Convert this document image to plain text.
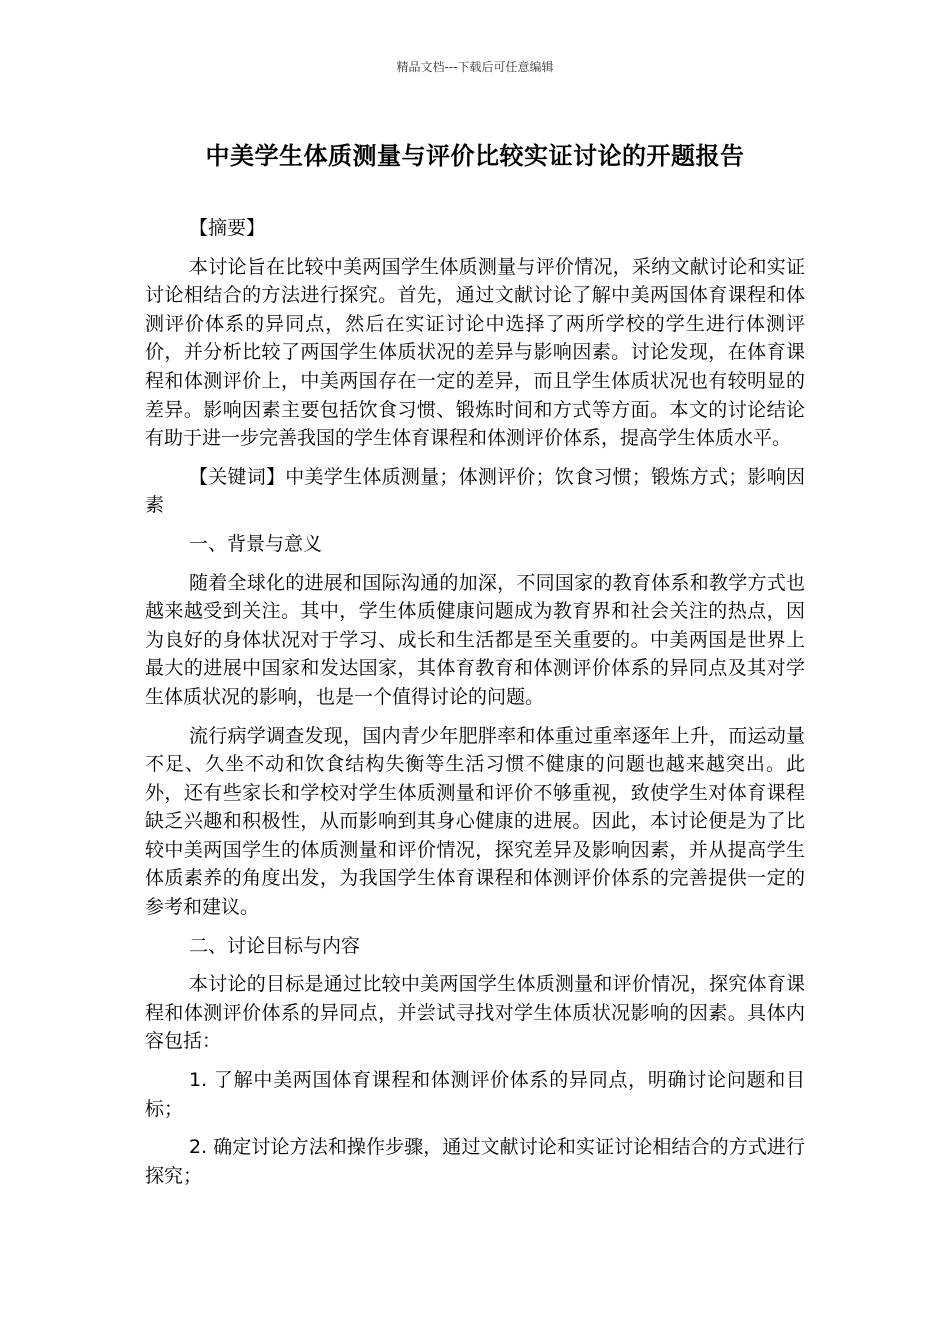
精品文档---下载后可任意编辑
中美学生体质测量与评价比较实证讨论的开题报告

【摘要】

本讨论旨在比较中美两国学生体质测量与评价情况，采纳文献讨论和实证讨论相结合的方法进行探究。首先，通过文献讨论了解中美两国体育课程和体测评价体系的异同点，然后在实证讨论中选择了两所学校的学生进行体测评价，并分析比较了两国学生体质状况的差异与影响因素。讨论发现，在体育课程和体测评价上，中美两国存在一定的差异，而且学生体质状况也有较明显的差异。影响因素主要包括饮食习惯、锻炼时间和方式等方面。本文的讨论结论有助于进一步完善我国的学生体育课程和体测评价体系，提高学生体质水平。

【关键词】中美学生体质测量；体测评价；饮食习惯；锻炼方式；影响因素

一、背景与意义

随着全球化的进展和国际沟通的加深，不同国家的教育体系和教学方式也越来越受到关注。其中，学生体质健康问题成为教育界和社会关注的热点，因为良好的身体状况对于学习、成长和生活都是至关重要的。中美两国是世界上最大的进展中国家和发达国家，其体育教育和体测评价体系的异同点及其对学生体质状况的影响，也是一个值得讨论的问题。

流行病学调查发现，国内青少年肥胖率和体重过重率逐年上升，而运动量不足、久坐不动和饮食结构失衡等生活习惯不健康的问题也越来越突出。此外，还有些家长和学校对学生体质测量和评价不够重视，致使学生对体育课程缺乏兴趣和积极性，从而影响到其身心健康的进展。因此，本讨论便是为了比较中美两国学生的体质测量和评价情况，探究差异及影响因素，并从提高学生体质素养的角度出发，为我国学生体育课程和体测评价体系的完善提供一定的参考和建议。

二、讨论目标与内容

本讨论的目标是通过比较中美两国学生体质测量和评价情况，探究体育课程和体测评价体系的异同点，并尝试寻找对学生体质状况影响的因素。具体内容包括：

1. 了解中美两国体育课程和体测评价体系的异同点，明确讨论问题和目标；

2. 确定讨论方法和操作步骤，通过文献讨论和实证讨论相结合的方式进行探究；
